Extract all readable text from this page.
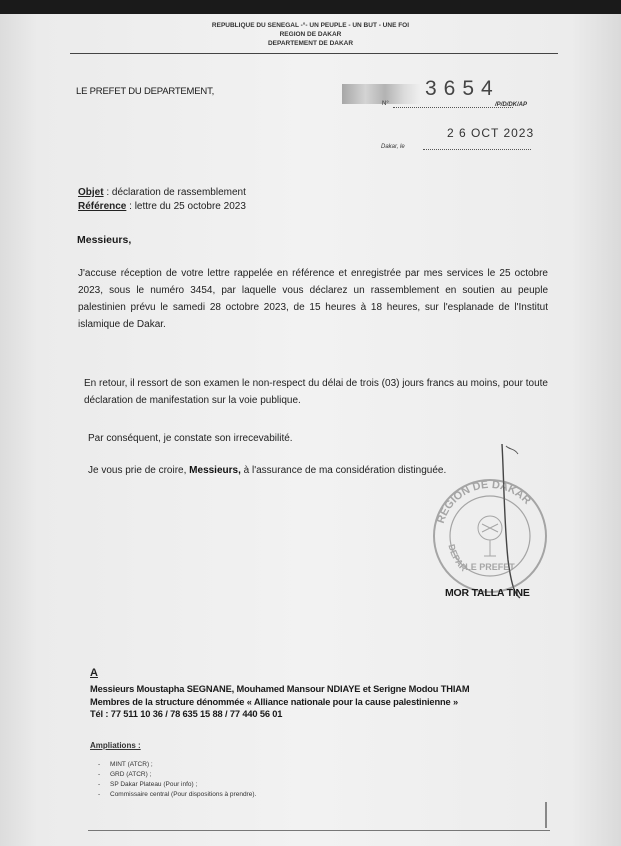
REPUBLIQUE DU SENEGAL -°- UN PEUPLE - UN BUT - UNE FOI
REGION DE DAKAR
DEPARTEMENT DE DAKAR
LE PREFET DU DEPARTEMENT,
N°
3654
/P/D/DK/AP
2 6 OCT 2023
Dakar, le
Objet : déclaration de rassemblement
Référence : lettre du 25 octobre 2023
Messieurs,
J'accuse réception de votre lettre rappelée en référence et enregistrée par mes services le 25 octobre 2023, sous le numéro 3454, par laquelle vous déclarez un rassemblement en soutien au peuple palestinien prévu le samedi 28 octobre 2023, de 15 heures à 18 heures, sur l'esplanade de l'Institut islamique de Dakar.
En retour, il ressort de son examen le non-respect du délai de trois (03) jours francs au moins, pour toute déclaration de manifestation sur la voie publique.
Par conséquent, je constate son irrecevabilité.
Je vous prie de croire, Messieurs, à l'assurance de ma considération distinguée.
REGION DE DAKAR
DEPAR
LE PREFET
MOR TALLA TINE
A
Messieurs Moustapha SEGNANE, Mouhamed Mansour NDIAYE et Serigne Modou THIAM
Membres de la structure dénommée « Alliance nationale pour la cause palestinienne »
Tél : 77 511 10 36 / 78 635 15 88 / 77 440 56 01
Ampliations :
- MINT (ATCR) ;
- GRD (ATCR) ;
- SP Dakar Plateau (Pour info) ;
- Commissaire central (Pour dispositions à prendre).
